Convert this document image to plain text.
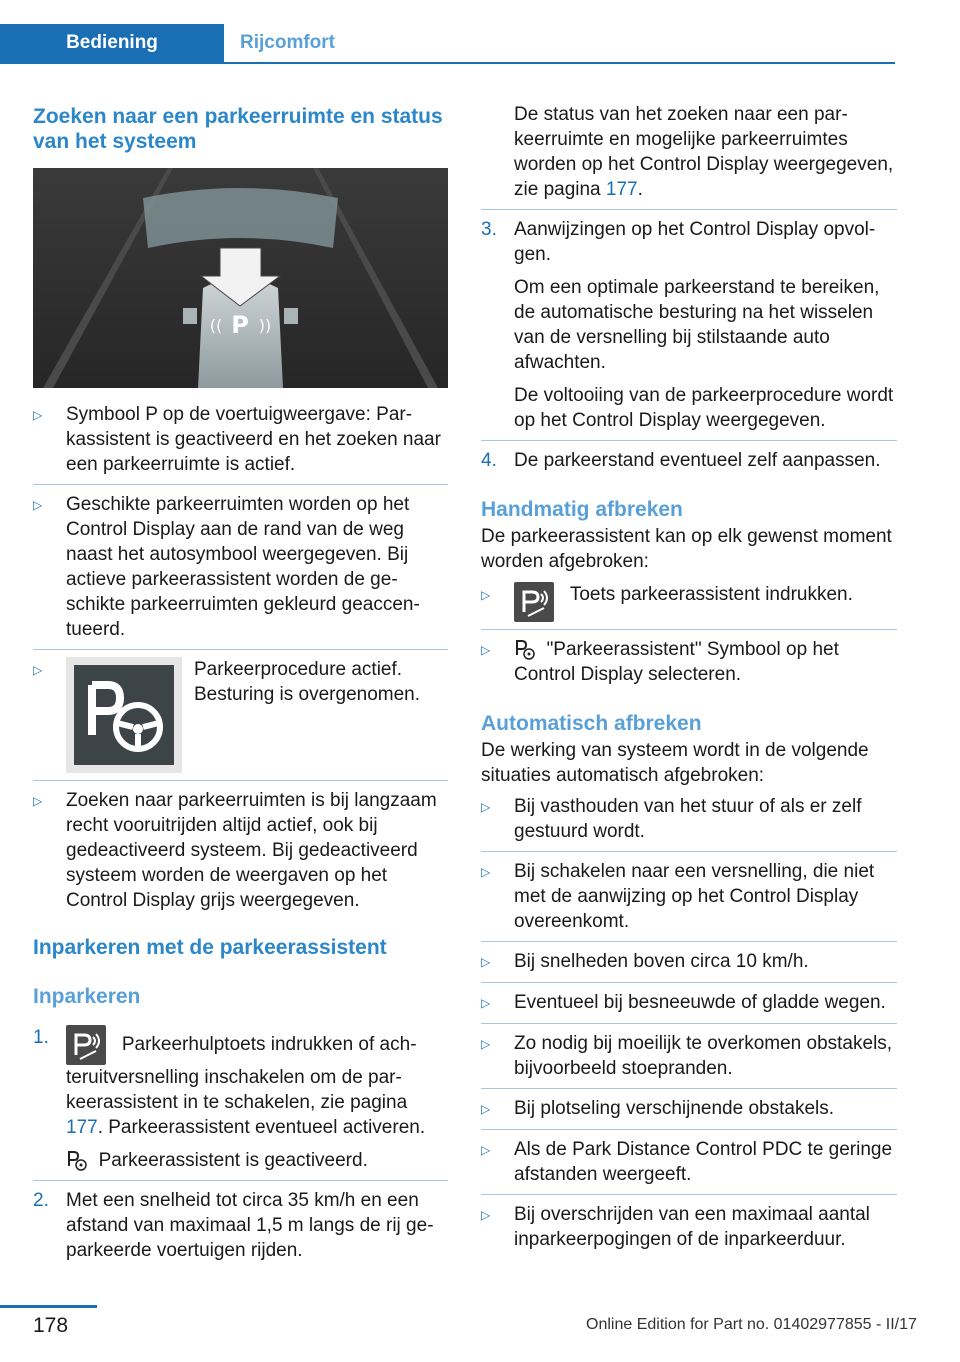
Bediening	Rijcomfort
Zoeken naar een parkeerruimte en status van het systeem
P
(( ))
▷	Symbool P op de voertuigweergave: Parkassistent is geactiveerd en het zoeken naar een parkeerruimte is actief.
▷	Geschikte parkeerruimten worden op het Control Display aan de rand van de weg naast het autosymbool weergegeven. Bij actieve parkeerassistent worden de geschikte parkeerruimten gekleurd geaccentueerd.
▷	Parkeerprocedure actief. Besturing is overgenomen.
▷	Zoeken naar parkeerruimten is bij langzaam recht vooruitrijden altijd actief, ook bij gedeactiveerd systeem. Bij gedeactiveerd systeem worden de weergaven op het Control Display grijs weergegeven.
Inparkeren met de parkeerassistent
Inparkeren
1.	Parkeerhulptoets indrukken of achteruitversnelling inschakelen om de parkeerassistent in te schakelen, zie pagina 177. Parkeerassistent eventueel activeren.
Parkeerassistent is geactiveerd.
2. Met een snelheid tot circa 35 km/h en een afstand van maximaal 1,5 m langs de rij geparkeerde voertuigen rijden.
De status van het zoeken naar een parkeerruimte en mogelijke parkeerruimtes worden op het Control Display weergegeven, zie pagina 177.
3. Aanwijzingen op het Control Display opvolgen.

Om een optimale parkeerstand te bereiken, de automatische besturing na het wisselen van de versnelling bij stilstaande auto afwachten.

De voltooiing van de parkeerprocedure wordt op het Control Display weergegeven.

4. De parkeerstand eventueel zelf aanpassen.
Handmatig afbreken

De parkeerassistent kan op elk gewenst moment worden afgebroken:

▷	Toets parkeerassistent indrukken.
▷	"Parkeerassistent" Symbool op het Control Display selecteren.
Automatisch afbreken

De werking van systeem wordt in de volgende situaties automatisch afgebroken:

▷	Bij vasthouden van het stuur of als er zelf gestuurd wordt.
▷	Bij schakelen naar een versnelling, die niet met de aanwijzing op het Control Display overeenkomt.
▷	Bij snelheden boven circa 10 km/h.
▷	Eventueel bij besneeuwde of gladde wegen.
▷	Zo nodig bij moeilijk te overkomen obstakels, bijvoorbeeld stoepranden.
▷	Bij plotseling verschijnende obstakels.
▷	Als de Park Distance Control PDC te geringe afstanden weergeeft.
▷	Bij overschrijden van een maximaal aantal inparkeerpogingen of de inparkeerduur.
178	Online Edition for Part no. 01402977855 - II/17
